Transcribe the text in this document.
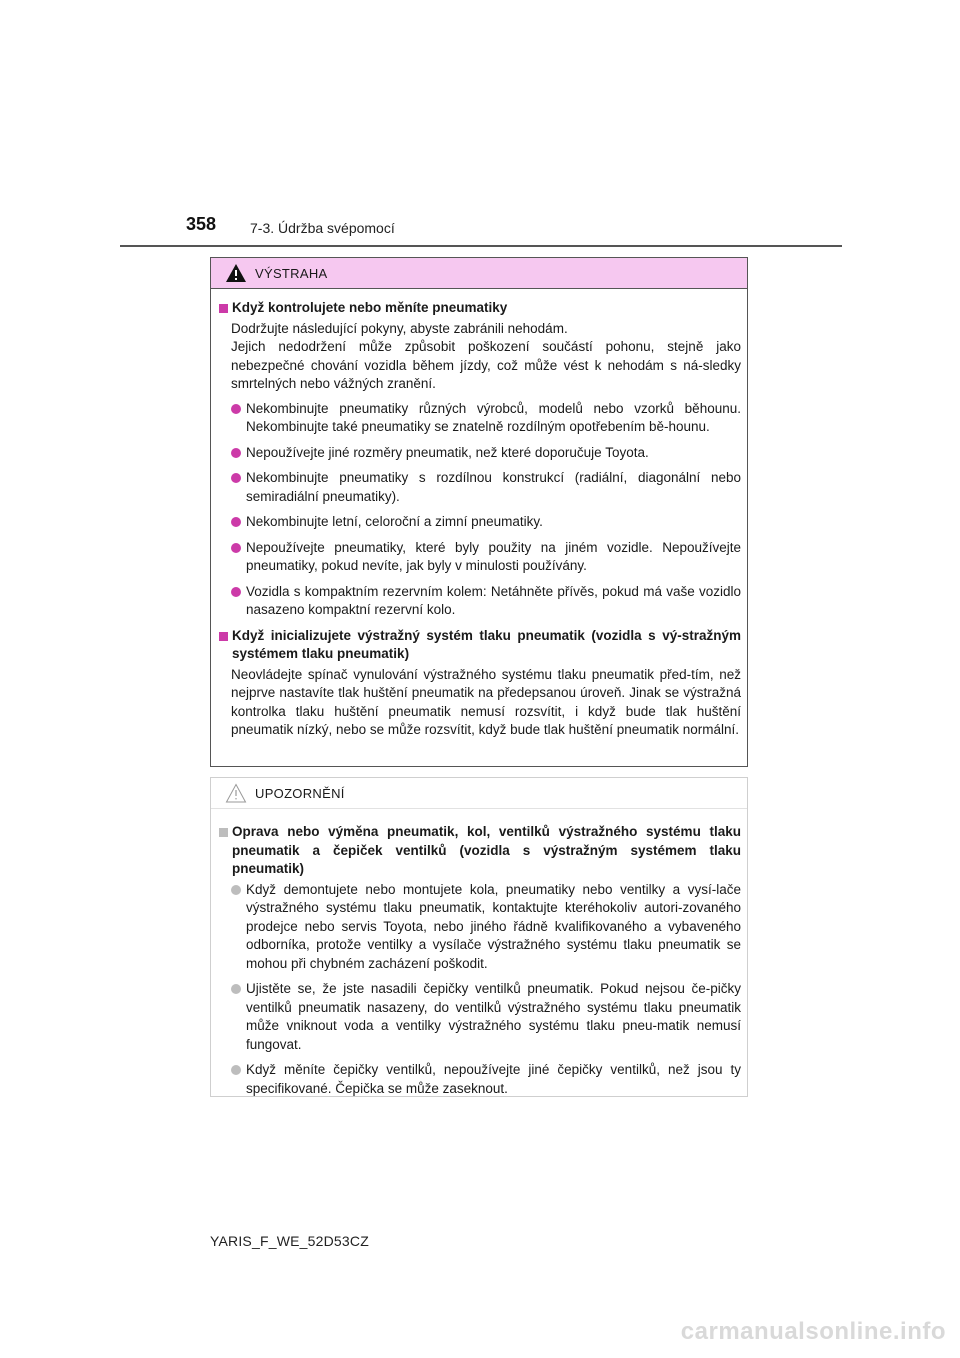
358 7-3. Údržba svépomocí
VÝSTRAHA
Když kontrolujete nebo měníte pneumatiky
Dodržujte následující pokyny, abyste zabránili nehodám.
Jejich nedodržení může způsobit poškození součástí pohonu, stejně jako nebezpečné chování vozidla během jízdy, což může vést k nehodám s ná-sledky smrtelných nebo vážných zranění.
Nekombinujte pneumatiky různých výrobců, modelů nebo vzorků běhounu. Nekombinujte také pneumatiky se znatelně rozdílným opotřebením bě-hounu.
Nepoužívejte jiné rozměry pneumatik, než které doporučuje Toyota.
Nekombinujte pneumatiky s rozdílnou konstrukcí (radiální, diagonální nebo semiradiální pneumatiky).
Nekombinujte letní, celoroční a zimní pneumatiky.
Nepoužívejte pneumatiky, které byly použity na jiném vozidle. Nepoužívejte pneumatiky, pokud nevíte, jak byly v minulosti používány.
Vozidla s kompaktním rezervním kolem: Netáhněte přívěs, pokud má vaše vozidlo nasazeno kompaktní rezervní kolo.
Když inicializujete výstražný systém tlaku pneumatik (vozidla s vý-stražným systémem tlaku pneumatik)
Neovládejte spínač vynulování výstražného systému tlaku pneumatik před-tím, než nejprve nastavíte tlak huštění pneumatik na předepsanou úroveň. Jinak se výstražná kontrolka tlaku huštění pneumatik nemusí rozsvítit, i když bude tlak huštění pneumatik nízký, nebo se může rozsvítit, když bude tlak huštění pneumatik normální.
UPOZORNĚNÍ
Oprava nebo výměna pneumatik, kol, ventilků výstražného systému tlaku pneumatik a čepiček ventilků (vozidla s výstražným systémem tlaku pneumatik)
Když demontujete nebo montujete kola, pneumatiky nebo ventilky a vysí-lače výstražného systému tlaku pneumatik, kontaktujte kteréhokoliv autori-zovaného prodejce nebo servis Toyota, nebo jiného řádně kvalifikovaného a vybaveného odborníka, protože ventilky a vysílače výstražného systému tlaku pneumatik se mohou při chybném zacházení poškodit.
Ujistěte se, že jste nasadili čepičky ventilků pneumatik. Pokud nejsou če-pičky ventilků pneumatik nasazeny, do ventilků výstražného systému tlaku pneumatik může vniknout voda a ventilky výstražného systému tlaku pneu-matik nemusí fungovat.
Když měníte čepičky ventilků, nepoužívejte jiné čepičky ventilků, než jsou ty specifikované. Čepička se může zaseknout.
YARIS_F_WE_52D53CZ
carmanualsonline.info
